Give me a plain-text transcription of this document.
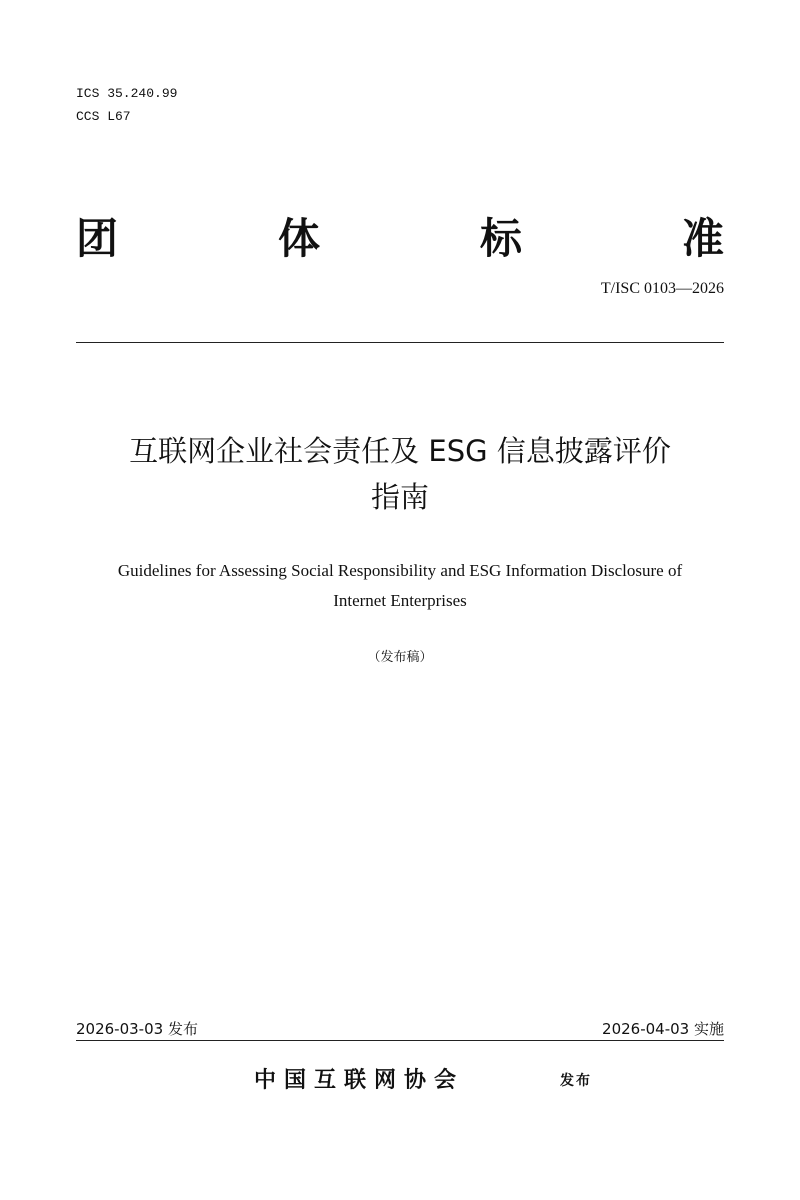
ICS 35.240.99
CCS L67
团	体	标	准
T/ISC 0103—2026
互联网企业社会责任及 ESG 信息披露评价
指南
Guidelines for Assessing Social Responsibility and ESG Information Disclosure of
Internet Enterprises
（发布稿）
2026-03-03 发布	2026-04-03 实施
中国互联网协会	发布
